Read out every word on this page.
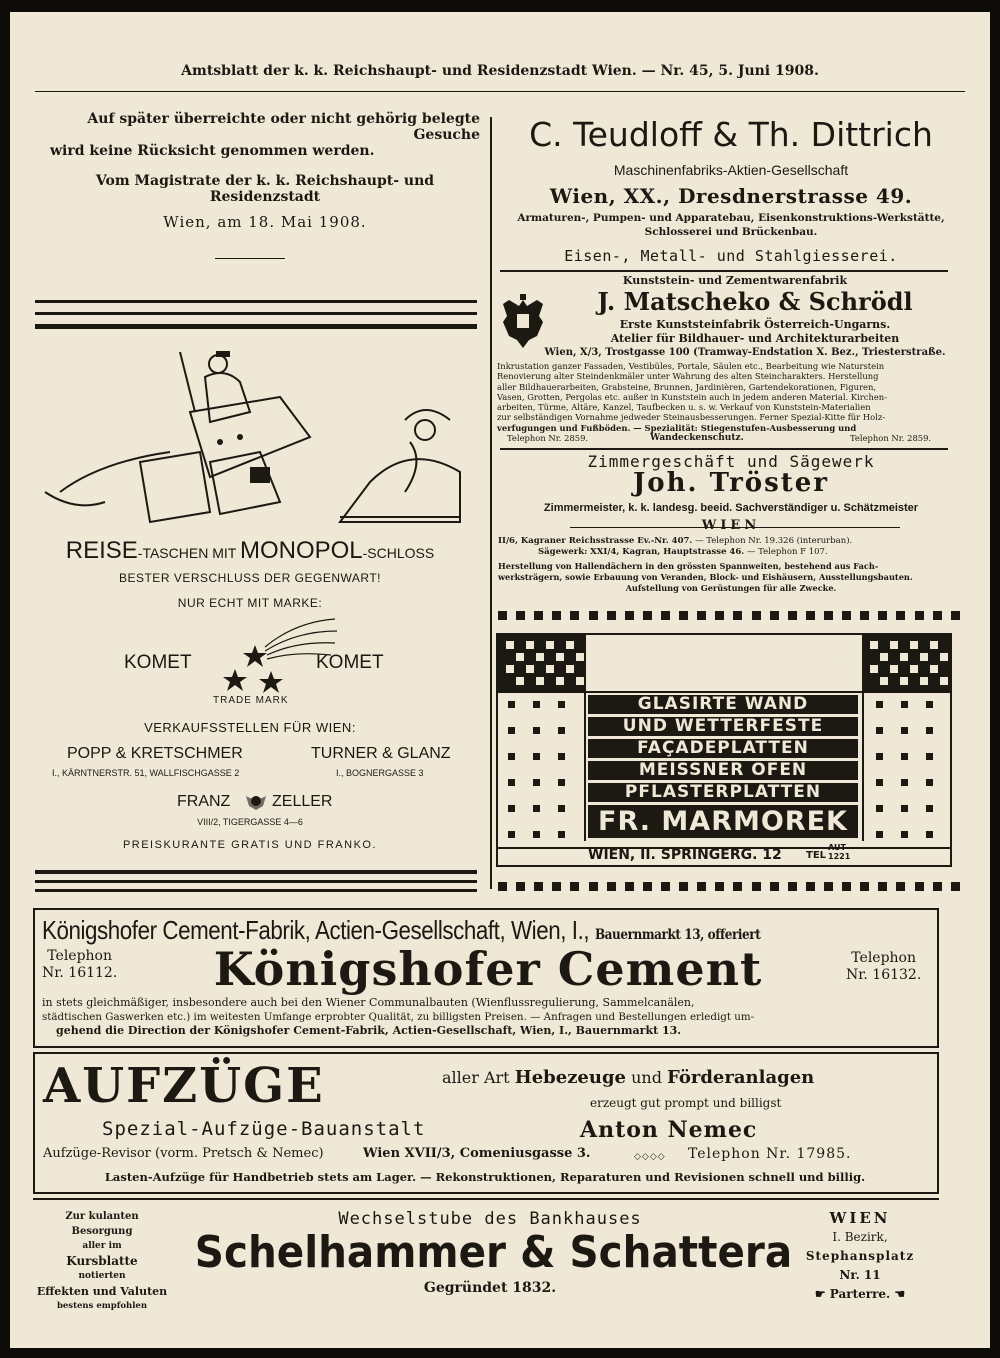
Amtsblatt der k. k. Reichshaupt- und Residenzstadt Wien. — Nr. 45, 5. Juni 1908.
Auf später überreichte oder nicht gehörig belegte Gesuche
wird keine Rücksicht genommen werden.
Vom Magistrate der k. k. Reichshaupt- und Residenzstadt
Wien, am 18. Mai 1908.
REISE-TASCHEN MIT MONOPOL-SCHLOSS
BESTER VERSCHLUSS DER GEGENWART!
NUR ECHT MIT MARKE:
KOMET	KOMET
TRADE MARK
VERKAUFSSTELLEN FÜR WIEN:
POPP & KRETSCHMER
I., KÄRNTNERSTR. 51, WALLFISCHGASSE 2
TURNER & GLANZ
I., BOGNERGASSE 3
FRANZ	ZELLER
VIII/2, TIGERGASSE 4—6
PREISKURANTE GRATIS UND FRANKO.
C. Teudloff & Th. Dittrich
Maschinenfabriks-Aktien-Gesellschaft
Wien, XX., Dresdnerstrasse 49.
Armaturen-, Pumpen- und Apparatebau, Eisenkonstruktions-Werkstätte,
Schlosserei und Brückenbau.
Eisen-, Metall- und Stahlgiesserei.
Kunststein- und Zementwarenfabrik
J. Matscheko & Schrödl
Erste Kunststeinfabrik Österreich-Ungarns.
Atelier für Bildhauer- und Architekturarbeiten
Wien, X/3, Trostgasse 100 (Tramway-Endstation X. Bez., Triesterstraße.
Inkrustation ganzer Fassaden, Vestibüles, Portale, Säulen etc., Bearbeitung wie Naturstein
Renovierung alter Steindenkmäler unter Wahrung des alten Steincharakters. Herstellung
aller Bildhauerarbeiten, Grabsteine, Brunnen, Jardinièren, Gartendekorationen, Figuren,
Vasen, Grotten, Pergolas etc. außer in Kunststein auch in jedem anderen Material. Kirchen-
arbeiten, Türme, Altäre, Kanzel, Taufbecken u. s. w. Verkauf von Kunststein-Materialien
zur selbständigen Vornahme jedweder Steinausbesserungen. Ferner Spezial-Kitte für Holz-
verfugungen und Fußböden. — Spezialität: Stiegenstufen-Ausbesserung und
Telephon Nr. 2859.	Wandeckenschutz.	Telephon Nr. 2859.
Zimmergeschäft und Sägewerk
Joh. Tröster
Zimmermeister, k. k. landesg. beeid. Sachverständiger u. Schätzmeister
WIEN
II/6, Kagraner Reichsstrasse Ev.-Nr. 407. — Telephon Nr. 19.326 (interurban).
Sägewerk: XXI/4, Kagran, Hauptstrasse 46. — Telephon F 107.
Herstellung von Hallendächern in den grössten Spannweiten, bestehend aus Fach-
werksträgern, sowie Erbauung von Veranden, Block- und Eishäusern, Ausstellungsbauten.
Aufstellung von Gerüstungen für alle Zwecke.
MEISSNER
GLASIRTE WAND
UND WETTERFESTE
FAÇADEPLATTEN
MEISSNER ÖFEN
PFLASTERPLATTEN
FR. MARMOREK
WIEN, II. SPRINGERG. 12 TEL
AUT
1221
Königshofer Cement-Fabrik, Actien-Gesellschaft, Wien, I., Bauernmarkt 13, offeriert
Telephon
Nr. 16112.	Königshofer Cement	Telephon
Nr. 16132.
in stets gleichmäßiger, insbesondere auch bei den Wiener Communalbauten (Wienflussregulierung, Sammelcanälen,
städtischen Gaswerken etc.) im weitesten Umfange erprobter Qualität, zu billigsten Preisen. — Anfragen und Bestellungen erledigt um-
gehend die Direction der Königshofer Cement-Fabrik, Actien-Gesellschaft, Wien, I., Bauernmarkt 13.
AUFZÜGE	aller Art Hebezeuge und Förderanlagen
erzeugt gut prompt und billigst
Spezial-Aufzüge-Bauanstalt	Anton Nemec
Aufzüge-Revisor (vorm. Pretsch & Nemec)	Wien XVII/3, Comeniusgasse 3.	◇◇◇◇ Telephon Nr. 17985.
Lasten-Aufzüge für Handbetrieb stets am Lager. — Rekonstruktionen, Reparaturen und Revisionen schnell und billig.
Zur kulanten Besorgung
aller im
Kursblatte
notierten
Effekten und Valuten
bestens empfohlen
Wechselstube des Bankhauses
Schelhammer & Schattera
Gegründet 1832.
WIEN
I. Bezirk,
Stephansplatz
Nr. 11
☛ Parterre. ☚
